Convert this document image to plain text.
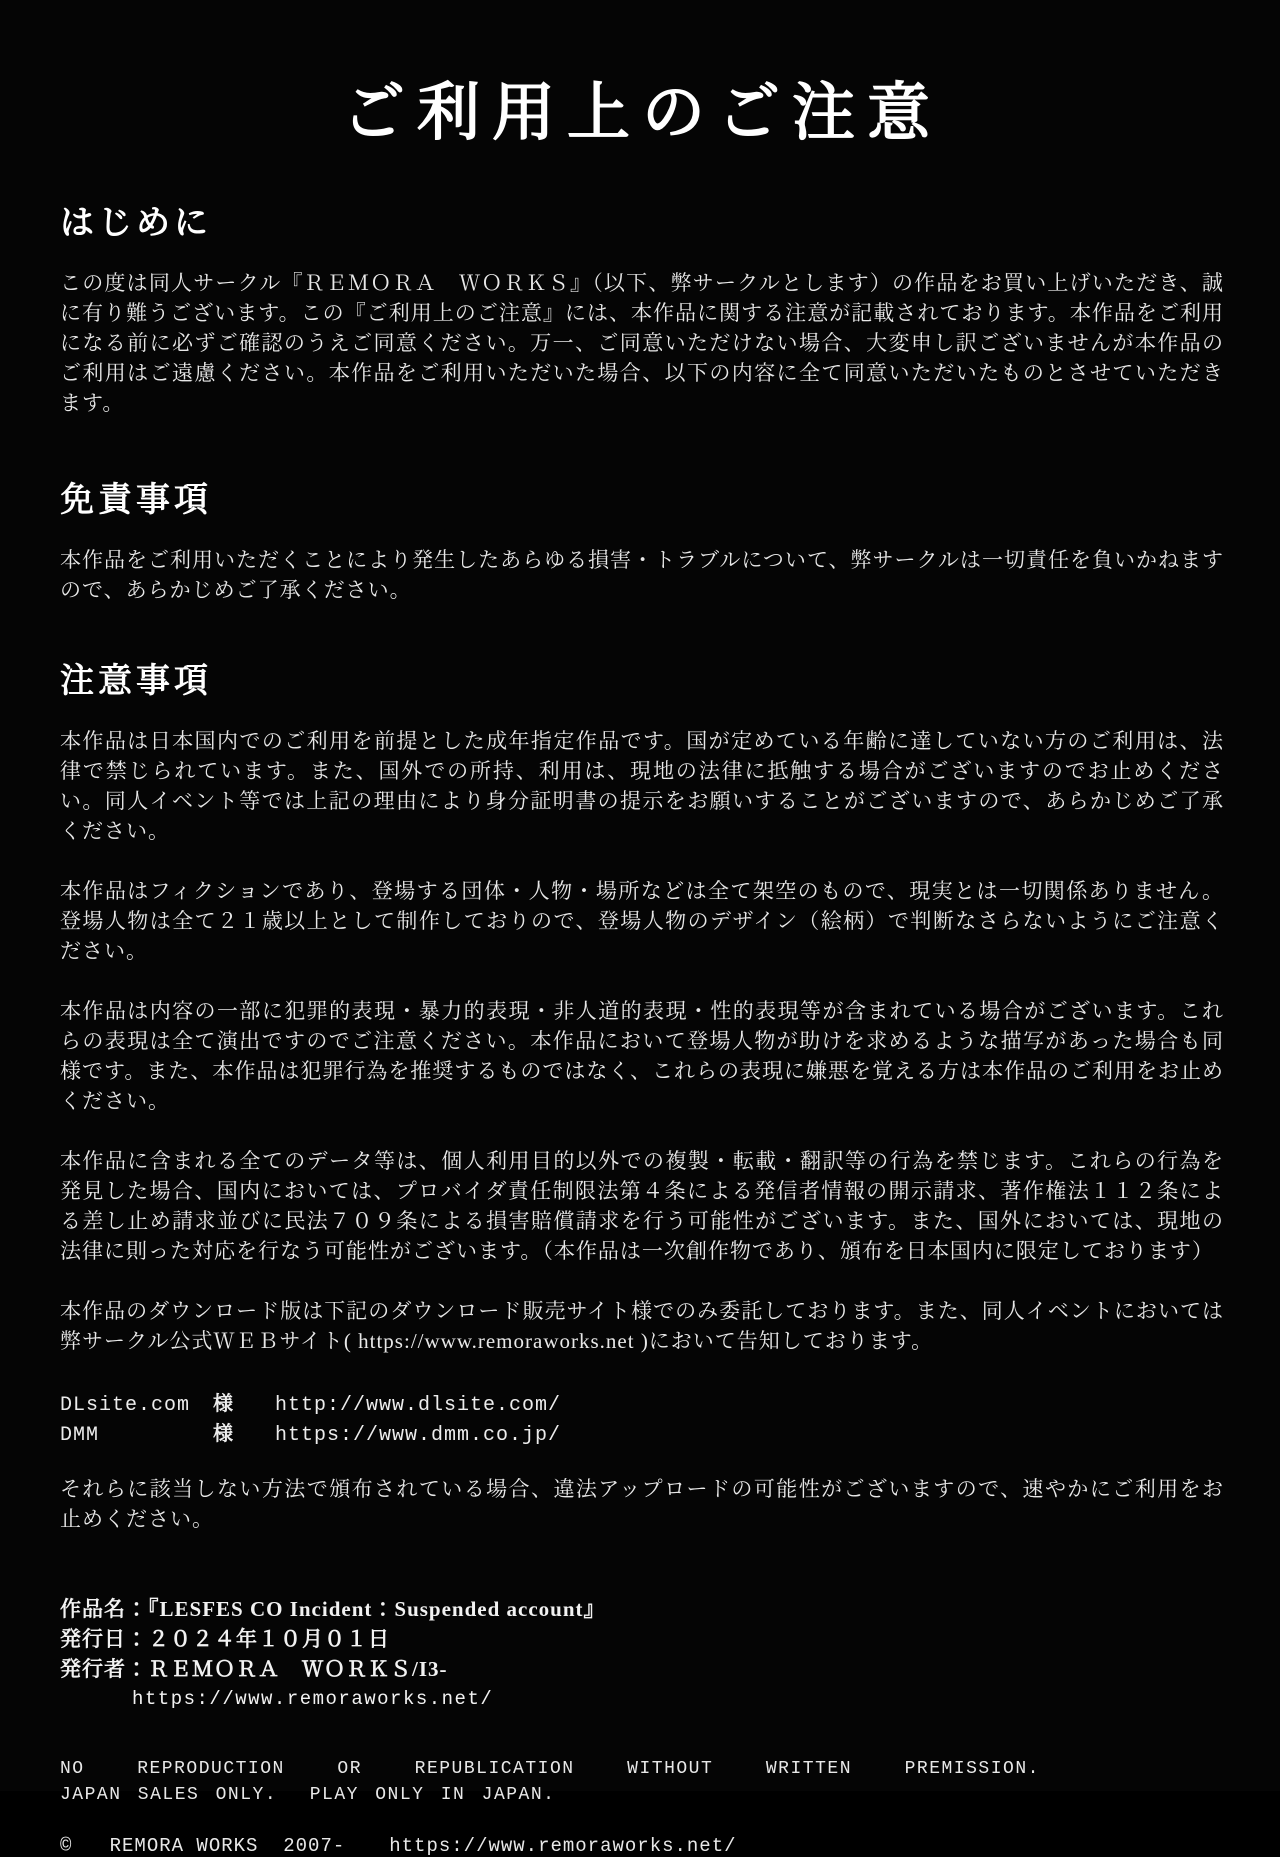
ご利用上のご注意
はじめに

この度は同人サークル『ＲＥＭＯＲＡ　ＷＯＲＫＳ』（以下、弊サークルとします）の作品をお買い上げいただき、誠に有り難うございます。この『ご利用上のご注意』には、本作品に関する注意が記載されております。本作品をご利用になる前に必ずご確認のうえご同意ください。万一、ご同意いただけない場合、大変申し訳ございませんが本作品のご利用はご遠慮ください。本作品をご利用いただいた場合、以下の内容に全て同意いただいたものとさせていただきます。

免責事項

本作品をご利用いただくことにより発生したあらゆる損害・トラブルについて、弊サークルは一切責任を負いかねますので、あらかじめご了承ください。

注意事項

本作品は日本国内でのご利用を前提とした成年指定作品です。国が定めている年齢に達していない方のご利用は、法律で禁じられています。また、国外での所持、利用は、現地の法律に抵触する場合がございますのでお止めください。同人イベント等では上記の理由により身分証明書の提示をお願いすることがございますので、あらかじめご了承ください。

本作品はフィクションであり、登場する団体・人物・場所などは全て架空のもので、現実とは一切関係ありません。登場人物は全て２１歳以上として制作しておりので、登場人物のデザイン（絵柄）で判断なさらないようにご注意ください。

本作品は内容の一部に犯罪的表現・暴力的表現・非人道的表現・性的表現等が含まれている場合がございます。これらの表現は全て演出ですのでご注意ください。本作品において登場人物が助けを求めるような描写があった場合も同様です。また、本作品は犯罪行為を推奨するものではなく、これらの表現に嫌悪を覚える方は本作品のご利用をお止めください。

本作品に含まれる全てのデータ等は、個人利用目的以外での複製・転載・翻訳等の行為を禁じます。これらの行為を発見した場合、国内においては、プロバイダ責任制限法第４条による発信者情報の開示請求、著作権法１１２条による差し止め請求並びに民法７０９条による損害賠償請求を行う可能性がございます。また、国外においては、現地の法律に則った対応を行なう可能性がございます。（本作品は一次創作物であり、頒布を日本国内に限定しております）

本作品のダウンロード版は下記のダウンロード販売サイト様でのみ委託しております。また、同人イベントにおいては弊サークル公式ＷＥＢサイト( https://www.remoraworks.net )において告知しております。

DLsite.com	様	http://www.dlsite.com/
DMM	様	https://www.dmm.co.jp/

それらに該当しない方法で頒布されている場合、違法アップロードの可能性がございますので、速やかにご利用をお止めください。

作品名：『LESFES CO Incident：Suspended account』

発行日：２０２４年１０月０１日

発行者：ＲＥＭＯＲＡ　ＷＯＲＫＳ/I3-

https://www.remoraworks.net/

NO  REPRODUCTION  OR  REPUBLICATION  WITHOUT  WRITTEN  PREMISSION.

JAPAN SALES ONLY.  PLAY ONLY IN JAPAN.

©   REMORA WORKS  2007- https://www.remoraworks.net/
